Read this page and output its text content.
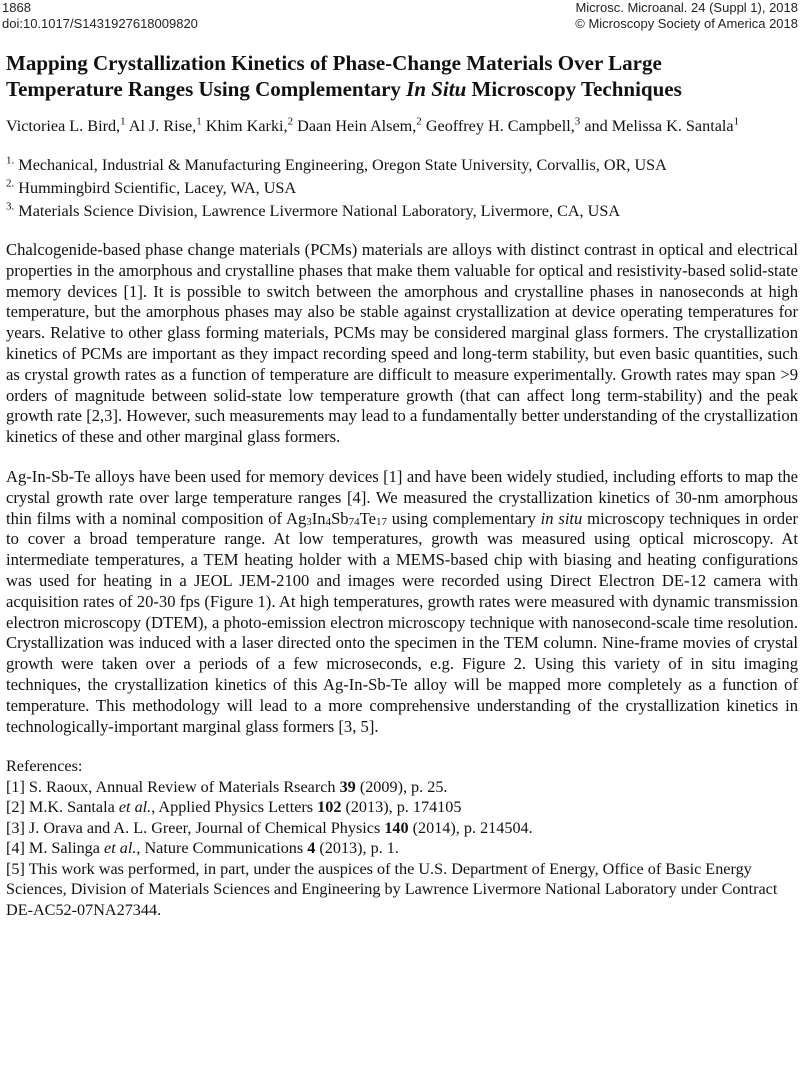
1868
doi:10.1017/S1431927618009820
Microsc. Microanal. 24 (Suppl 1), 2018
© Microscopy Society of America 2018
Mapping Crystallization Kinetics of Phase-Change Materials Over Large
Temperature Ranges Using Complementary In Situ Microscopy Techniques
Victoriea L. Bird,$^1$ Al J. Rise,$^1$ Khim Karki,$^2$ Daan Hein Alsem,$^2$ Geoffrey H. Campbell,$^3$ and Melissa K. Santala$^1$
$^{1.}$ Mechanical, Industrial & Manufacturing Engineering, Oregon State University, Corvallis, OR, USA
$^{2.}$ Hummingbird Scientific, Lacey, WA, USA
$^{3.}$ Materials Science Division, Lawrence Livermore National Laboratory, Livermore, CA, USA
Chalcogenide-based phase change materials (PCMs) materials are alloys with distinct contrast in optical and electrical properties in the amorphous and crystalline phases that make them valuable for optical and resistivity-based solid-state memory devices [1]. It is possible to switch between the amorphous and crystalline phases in nanoseconds at high temperature, but the amorphous phases may also be stable against crystallization at device operating temperatures for years. Relative to other glass forming materials, PCMs may be considered marginal glass formers. The crystallization kinetics of PCMs are important as they impact recording speed and long-term stability, but even basic quantities, such as crystal growth rates as a function of temperature are difficult to measure experimentally. Growth rates may span >9 orders of magnitude between solid-state low temperature growth (that can affect long term-stability) and the peak growth rate [2,3]. However, such measurements may lead to a fundamentally better understanding of the crystallization kinetics of these and other marginal glass formers.
Ag-In-Sb-Te alloys have been used for memory devices [1] and have been widely studied, including efforts to map the crystal growth rate over large temperature ranges [4]. We measured the crystallization kinetics of 30-nm amorphous thin films with a nominal composition of $Ag_3In_4Sb_{74}Te_{17}$ using complementary in situ microscopy techniques in order to cover a broad temperature range. At low temperatures, growth was measured using optical microscopy. At intermediate temperatures, a TEM heating holder with a MEMS-based chip with biasing and heating configurations was used for heating in a JEOL JEM-2100 and images were recorded using Direct Electron DE-12 camera with acquisition rates of 20-30 fps (Figure 1). At high temperatures, growth rates were measured with dynamic transmission electron microscopy (DTEM), a photo-emission electron microscopy technique with nanosecond-scale time resolution. Crystallization was induced with a laser directed onto the specimen in the TEM column. Nine-frame movies of crystal growth were taken over a periods of a few microseconds, e.g. Figure 2. Using this variety of in situ imaging techniques, the crystallization kinetics of this Ag-In-Sb-Te alloy will be mapped more completely as a function of temperature. This methodology will lead to a more comprehensive understanding of the crystallization kinetics in technologically-important marginal glass formers [3, 5].
References:
[1] S. Raoux, Annual Review of Materials Rsearch 39 (2009), p. 25.
[2] M.K. Santala et al., Applied Physics Letters 102 (2013), p. 174105
[3] J. Orava and A. L. Greer, Journal of Chemical Physics 140 (2014), p. 214504.
[4] M. Salinga et al., Nature Communications 4 (2013), p. 1.
[5] This work was performed, in part, under the auspices of the U.S. Department of Energy, Office of Basic Energy Sciences, Division of Materials Sciences and Engineering by Lawrence Livermore National Laboratory under Contract DE-AC52-07NA27344.
